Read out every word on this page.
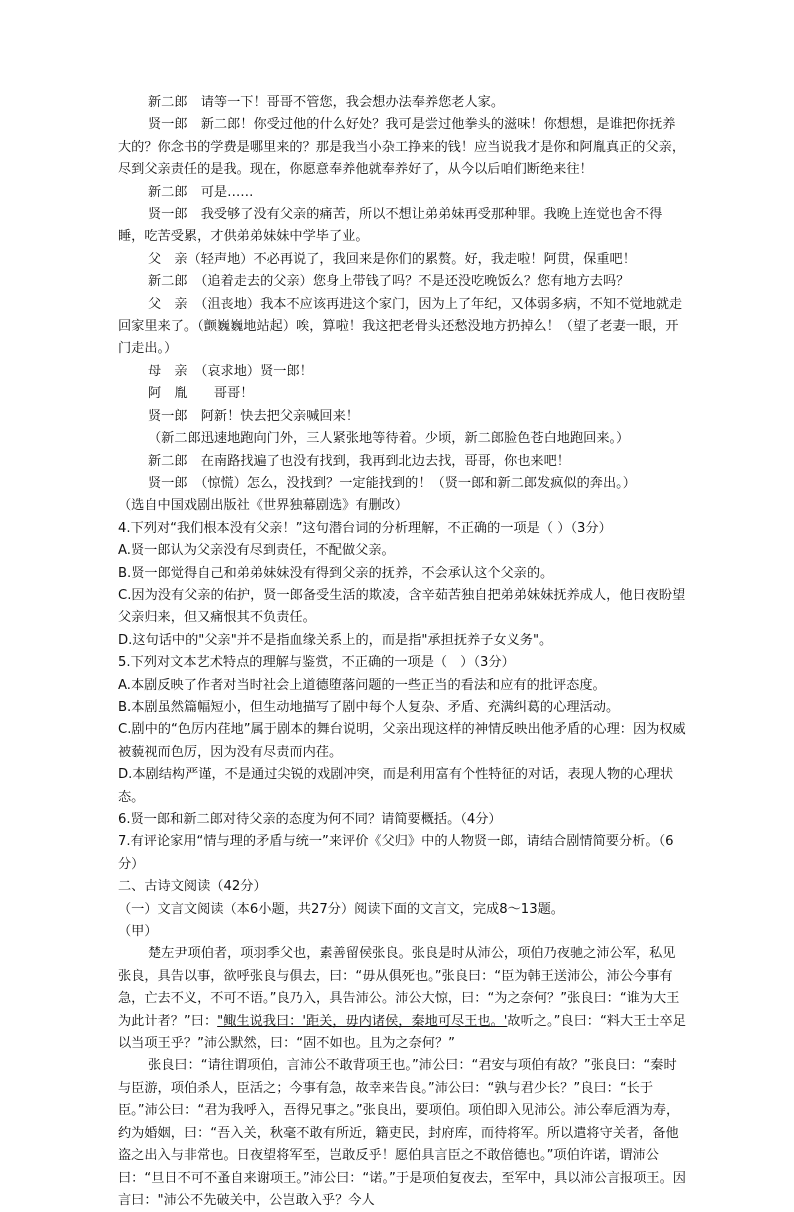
新二郎　请等一下！哥哥不管您，我会想办法奉养您老人家。

贤一郎　新二郎！你受过他的什么好处？我可是尝过他拳头的滋味！你想想，是谁把你抚养大的？你念书的学费是哪里来的？那是我当小杂工挣来的钱！应当说我才是你和阿胤真正的父亲，尽到父亲责任的是我。现在，你愿意奉养他就奉养好了，从今以后咱们断绝来往！

新二郎　可是……

贤一郎　我受够了没有父亲的痛苦，所以不想让弟弟妹再受那种罪。我晚上连觉也舍不得睡，吃苦受累，才供弟弟妹妹中学毕了业。

父　亲（轻声地）不必再说了，我回来是你们的累赘。好，我走啦！阿贯，保重吧！

新二郎　（追着走去的父亲）您身上带钱了吗？不是还没吃晚饭么？您有地方去吗？

父　亲　（沮丧地）我本不应该再进这个家门，因为上了年纪，又体弱多病，不知不觉地就走回家里来了。（颤巍巍地站起）唉，算啦！我这把老骨头还愁没地方扔掉么！（望了老妻一眼，开门走出。）

母　亲　（哀求地）贤一郎！

阿　胤　　哥哥！

贤一郎　阿新！快去把父亲喊回来！

（新二郎迅速地跑向门外，三人紧张地等待着。少顷，新二郎脸色苍白地跑回来。）

新二郎　在南路找遍了也没有找到，我再到北边去找，哥哥，你也来吧！

贤一郎　（惊慌）怎么，没找到？一定能找到的！（贤一郎和新二郎发疯似的奔出。）

（选自中国戏剧出版社《世界独幕剧选》有删改）

4.下列对“我们根本没有父亲！”这句潜台词的分析理解，不正确的一项是（ ）（3分）

A.贤一郎认为父亲没有尽到责任，不配做父亲。

B.贤一郎觉得自己和弟弟妹妹没有得到父亲的抚养，不会承认这个父亲的。

C.因为没有父亲的佑护，贤一郎备受生活的欺凌，含辛茹苦独自把弟弟妹妹抚养成人，他日夜盼望父亲归来，但又痛恨其不负责任。

D.这句话中的"父亲"并不是指血缘关系上的，而是指"承担抚养子女义务"。

5.下列对文本艺术特点的理解与鉴赏，不正确的一项是（　）（3分）

A.本剧反映了作者对当时社会上道德堕落问题的一些正当的看法和应有的批评态度。

B.本剧虽然篇幅短小，但生动地描写了剧中每个人复杂、矛盾、充满纠葛的心理活动。

C.剧中的“色厉内荏地”属于剧本的舞台说明，父亲出现这样的神情反映出他矛盾的心理：因为权威被藐视而色厉，因为没有尽责而内荏。

D.本剧结构严谨，不是通过尖锐的戏剧冲突，而是利用富有个性特征的对话，表现人物的心理状态。

6.贤一郎和新二郎对待父亲的态度为何不同？请简要概括。（4分）

7.有评论家用“情与理的矛盾与统一”来评价《父归》中的人物贤一郎，请结合剧情简要分析。（6分）

二、古诗文阅读（42分）

（一）文言文阅读（本6小题，共27分）阅读下面的文言文，完成8～13题。

（甲）

楚左尹项伯者，项羽季父也，素善留侯张良。张良是时从沛公，项伯乃夜驰之沛公军，私见张良，具告以事，欲呼张良与俱去，曰：“毋从俱死也。”张良曰：“臣为韩王送沛公，沛公今事有急，亡去不义，不可不语。”良乃入，具告沛公。沛公大惊，曰：“为之奈何？”张良曰：“谁为大王为此计者？”曰："鲰生说我曰：'距关，毋内诸侯，秦地可尽王也。'故听之。”良曰：“料大王士卒足以当项王乎？”沛公默然，曰：“固不如也。且为之奈何？”

张良曰：“请往谓项伯，言沛公不敢背项王也。”沛公曰：“君安与项伯有故？”张良曰：“秦时与臣游，项伯杀人，臣活之；今事有急，故幸来告良。”沛公曰：“孰与君少长？”良曰：“长于臣。”沛公曰：“君为我呼入，吾得兄事之。”张良出，要项伯。项伯即入见沛公。沛公奉卮酒为寿，约为婚姻，曰：“吾入关，秋毫不敢有所近，籍吏民，封府库，而待将军。所以遣将守关者，备他盗之出入与非常也。日夜望将军至，岂敢反乎！愿伯具言臣之不敢倍德也。”项伯许诺，谓沛公曰：“旦日不可不蚤自来谢项王。”沛公曰：“诺。”于是项伯复夜去，至军中，具以沛公言报项王。因言曰："沛公不先破关中，公岂敢入乎？今人
